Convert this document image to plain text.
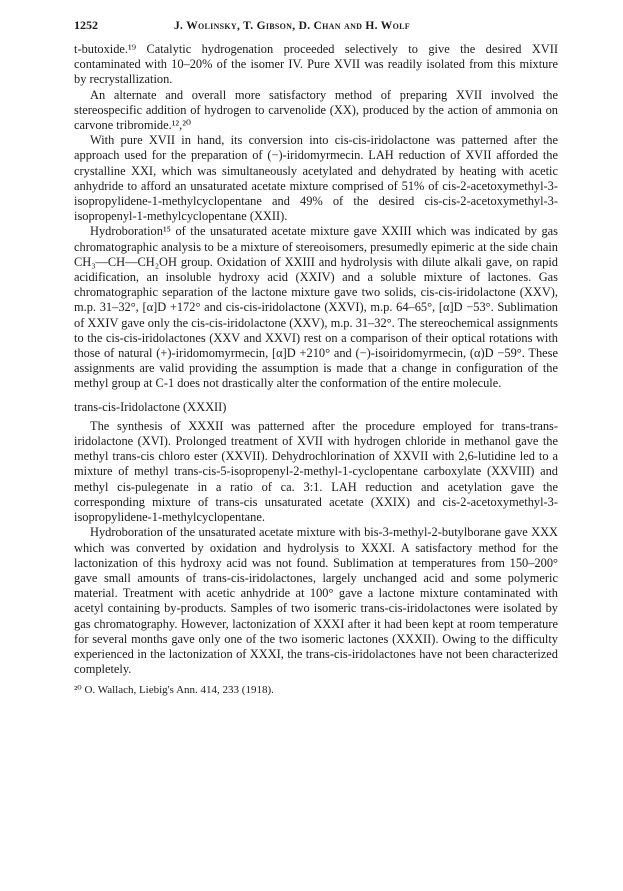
1252	J. Wolinsky, T. Gibson, D. Chan and H. Wolf

t-butoxide.¹⁹ Catalytic hydrogenation proceeded selectively to give the desired XVII contaminated with 10–20% of the isomer IV. Pure XVII was readily isolated from this mixture by recrystallization.

An alternate and overall more satisfactory method of preparing XVII involved the stereospecific addition of hydrogen to carvenolide (XX), produced by the action of ammonia on carvone tribromide.¹²,²⁰

With pure XVII in hand, its conversion into cis-cis-iridolactone was patterned after the approach used for the preparation of (−)-iridomyrmecin. LAH reduction of XVII afforded the crystalline XXI, which was simultaneously acetylated and dehydrated by heating with acetic anhydride to afford an unsaturated acetate mixture comprised of 51% of cis-2-acetoxymethyl-3-isopropylidene-1-methylcyclopentane and 49% of the desired cis-cis-2-acetoxymethyl-3-isopropenyl-1-methylcyclopentane (XXII).

Hydroboration¹⁵ of the unsaturated acetate mixture gave XXIII which was indicated by gas chromatographic analysis to be a mixture of stereoisomers, presumedly epimeric at the side chain CH₃—CH—CH₂OH group. Oxidation of XXIII and hydrolysis with dilute alkali gave, on rapid acidification, an insoluble hydroxy acid (XXIV) and a soluble mixture of lactones. Gas chromatographic separation of the lactone mixture gave two solids, cis-cis-iridolactone (XXV), m.p. 31–32°, [α]D +172° and cis-cis-iridolactone (XXVI), m.p. 64–65°, [α]D −53°. Sublimation of XXIV gave only the cis-cis-iridolactone (XXV), m.p. 31–32°. The stereochemical assignments to the cis-cis-iridolactones (XXV and XXVI) rest on a comparison of their optical rotations with those of natural (+)-iridomomyrmecin, [α]D +210° and (−)-isoiridomyrmecin, (α)D −59°. These assignments are valid providing the assumption is made that a change in configuration of the methyl group at C-1 does not drastically alter the conformation of the entire molecule.

trans-cis-Iridolactone (XXXII)

The synthesis of XXXII was patterned after the procedure employed for trans-trans-iridolactone (XVI). Prolonged treatment of XVII with hydrogen chloride in methanol gave the methyl trans-cis chloro ester (XXVII). Dehydrochlorination of XXVII with 2,6-lutidine led to a mixture of methyl trans-cis-5-isopropenyl-2-methyl-1-cyclopentane carboxylate (XXVIII) and methyl cis-pulegenate in a ratio of ca. 3:1. LAH reduction and acetylation gave the corresponding mixture of trans-cis unsaturated acetate (XXIX) and cis-2-acetoxymethyl-3-isopropylidene-1-methylcyclopentane.

Hydroboration of the unsaturated acetate mixture with bis-3-methyl-2-butylborane gave XXX which was converted by oxidation and hydrolysis to XXXI. A satisfactory method for the lactonization of this hydroxy acid was not found. Sublimation at temperatures from 150–200° gave small amounts of trans-cis-iridolactones, largely unchanged acid and some polymeric material. Treatment with acetic anhydride at 100° gave a lactone mixture contaminated with acetyl containing by-products. Samples of two isomeric trans-cis-iridolactones were isolated by gas chromatography. However, lactonization of XXXI after it had been kept at room temperature for several months gave only one of the two isomeric lactones (XXXII). Owing to the difficulty experienced in the lactonization of XXXI, the trans-cis-iridolactones have not been characterized completely.

²⁰ O. Wallach, Liebig's Ann. 414, 233 (1918).
